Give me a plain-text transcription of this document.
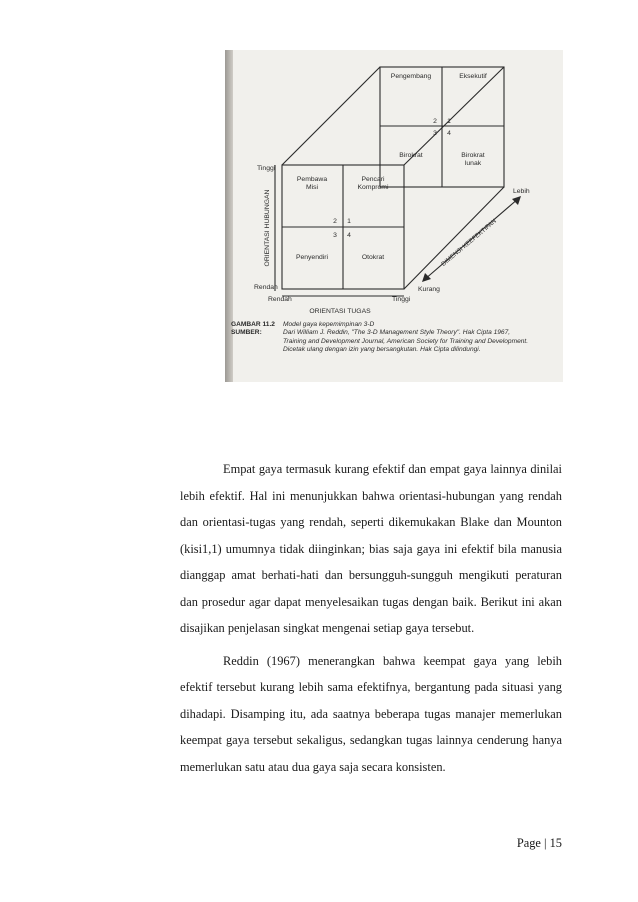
Pengembang	Eksekutif
2 1
3 4
Birokrat	Birokrat
lunak
Pembawa
Misi
Pencari
Kompromi
2 1
3 4
Penyendiri	Otokrat
Tinggi
Rendah
ORIENTASI HUBUNGAN
Rendah	Tinggi
ORIENTASI TUGAS
DIMENSI KEEFEKTIFAN
Lebih
Kurang
GAMBAR 11.2	Model gaya kepemimpinan 3-D
SUMBER:	Dari William J. Reddin, "The 3-D Management Style Theory". Hak Cipta 1967,
Training and Development Journal, American Society for Training and Development.
Dicetak ulang dengan izin yang bersangkutan. Hak Cipta dilindungi.

Empat gaya termasuk kurang efektif dan empat gaya lainnya dinilai lebih efektif. Hal ini menunjukkan bahwa orientasi-hubungan yang rendah dan orientasi-tugas yang rendah, seperti dikemukakan Blake dan Mounton (kisi1,1) umumnya tidak diinginkan; bias saja gaya ini efektif bila manusia dianggap amat berhati-hati dan bersungguh-sungguh mengikuti peraturan dan prosedur agar dapat menyelesaikan tugas dengan baik. Berikut ini akan disajikan penjelasan singkat mengenai setiap gaya tersebut.

Reddin (1967) menerangkan bahwa keempat gaya yang lebih efektif tersebut kurang lebih sama efektifnya, bergantung pada situasi yang dihadapi. Disamping itu, ada saatnya beberapa tugas manajer memerlukan keempat gaya tersebut sekaligus, sedangkan tugas lainnya cenderung hanya memerlukan satu atau dua gaya saja secara konsisten.

Page | 15
